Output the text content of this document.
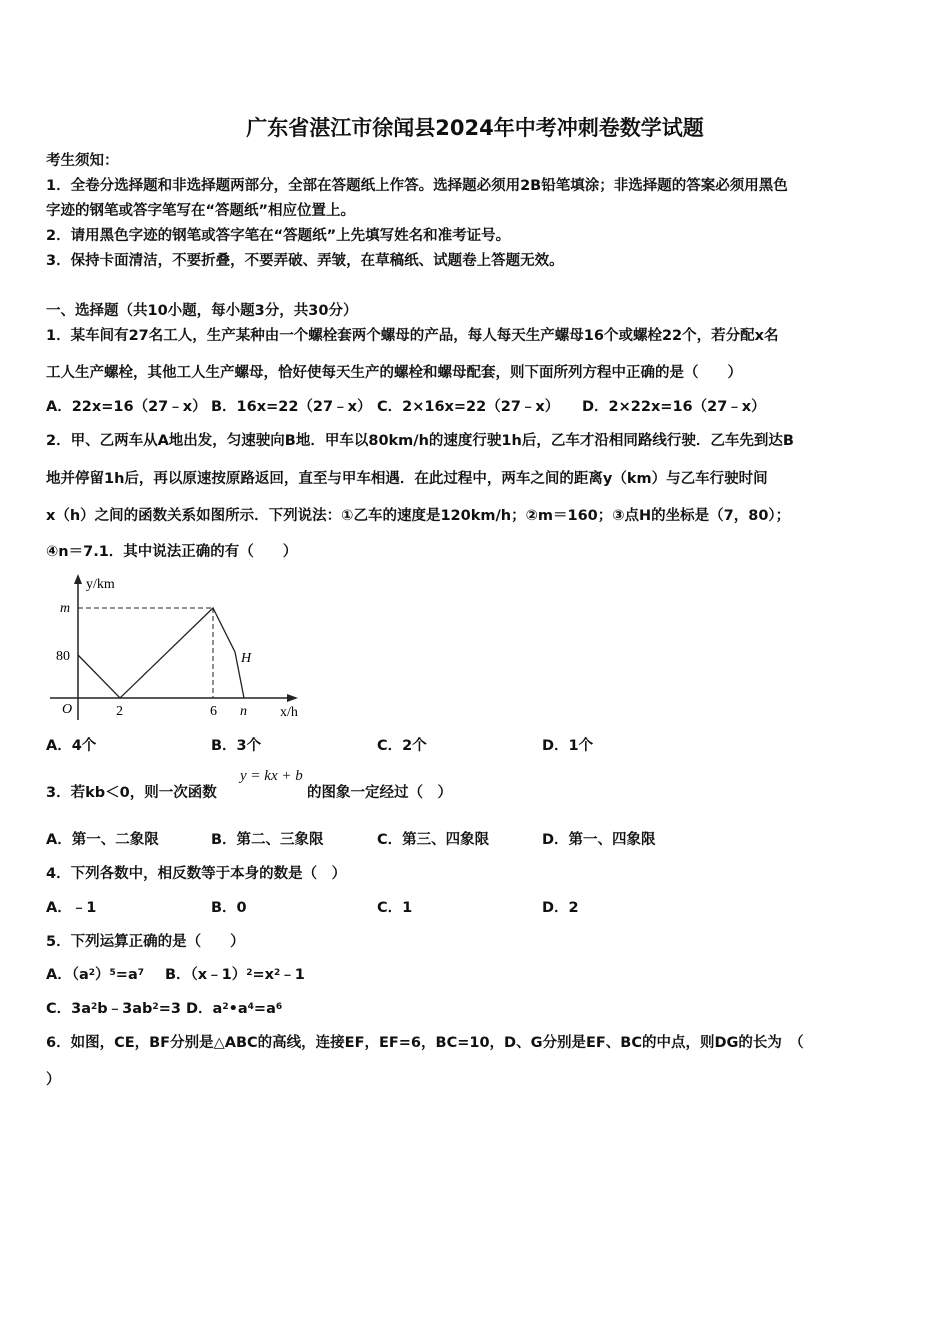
广东省湛江市徐闻县2024年中考冲刺卷数学试题
考生须知：
1．全卷分选择题和非选择题两部分，全部在答题纸上作答。选择题必须用2B铅笔填涂；非选择题的答案必须用黑色
字迹的钢笔或答字笔写在“答题纸”相应位置上。
2．请用黑色字迹的钢笔或答字笔在“答题纸”上先填写姓名和准考证号。
3．保持卡面清洁，不要折叠，不要弄破、弄皱，在草稿纸、试题卷上答题无效。
一、选择题（共10小题，每小题3分，共30分）
1．某车间有27名工人，生产某种由一个螺栓套两个螺母的产品，每人每天生产螺母16个或螺栓22个，若分配x名
工人生产螺栓，其他工人生产螺母，恰好使每天生产的螺栓和螺母配套，则下面所列方程中正确的是（　　）
A．22x=16（27﹣x） B．16x=22（27﹣x） C．2×16x=22（27﹣x） D．2×22x=16（27﹣x）
2．甲、乙两车从A地出发，匀速驶向B地．甲车以80km/h的速度行驶1h后，乙车才沿相同路线行驶．乙车先到达B
地并停留1h后，再以原速按原路返回，直至与甲车相遇．在此过程中，两车之间的距离y（km）与乙车行驶时间
x（h）之间的函数关系如图所示．下列说法：①乙车的速度是120km/h；②m＝160；③点H的坐标是（7，80）；
④n＝7.1．其中说法正确的有（　　）
y/km
m
80
O	2	6 n
H
x/h
A．4个	B．3个	C．2个	D．1个
3．若kb＜0，则一次函数
y = kx + b
的图象一定经过（　）
A．第一、二象限	B．第二、三象限	C．第三、四象限	D．第一、四象限
4．下列各数中，相反数等于本身的数是（　）
A．﹣1	B．0	C．1	D．2
5．下列运算正确的是（　　）
A．$(a^2)^5=a^7$ B．$(x﹣1)^2=x^2﹣1$
C．$3a^2b﹣3ab^2=3$ D．$a^2•a^4=a^6$
6．如图，CE，BF分别是△ABC的高线，连接EF，EF=6，BC=10，D、G分别是EF、BC的中点，则DG的长为　（
）
